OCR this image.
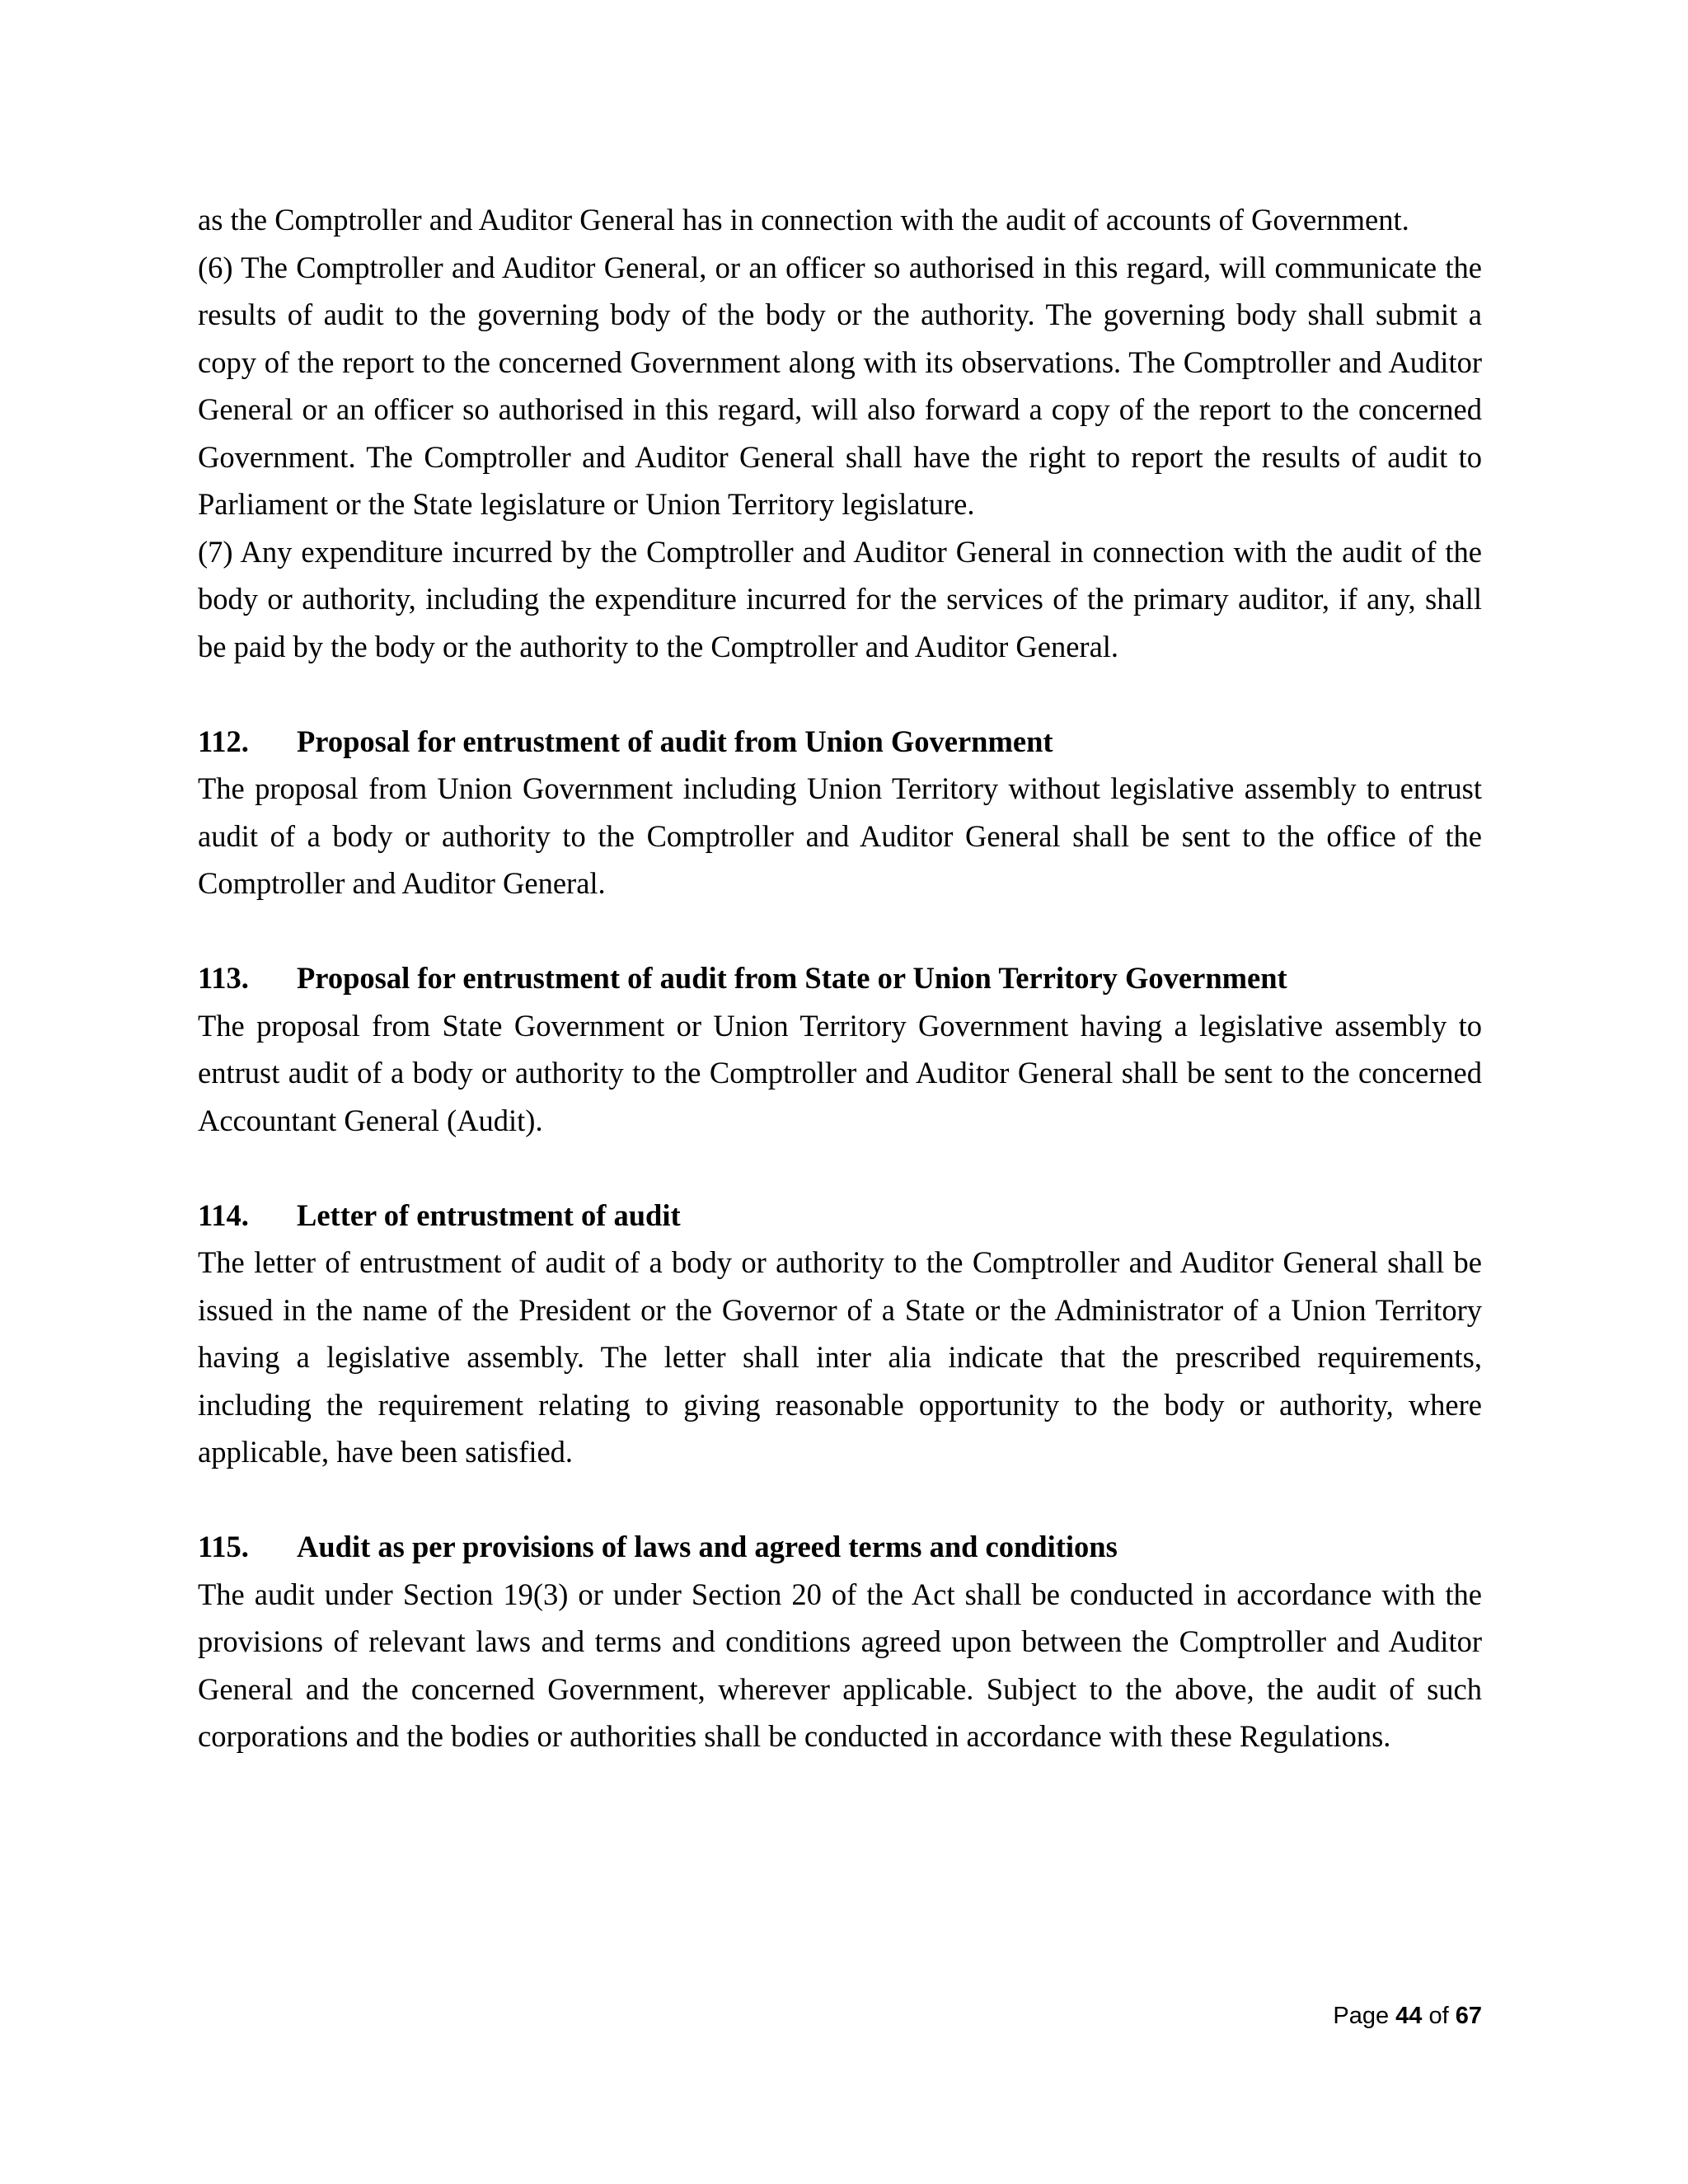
as the Comptroller and Auditor General has in connection with the audit of accounts of Government.

(6) The Comptroller and Auditor General, or an officer so authorised in this regard, will communicate the results of audit to the governing body of the body or the authority. The governing body shall submit a copy of the report to the concerned Government along with its observations. The Comptroller and Auditor General or an officer so authorised in this regard, will also forward a copy of the report to the concerned Government. The Comptroller and Auditor General shall have the right to report the results of audit to Parliament or the State legislature or Union Territory legislature.

(7) Any expenditure incurred by the Comptroller and Auditor General in connection with the audit of the body or authority, including the expenditure incurred for the services of the primary auditor, if any, shall be paid by the body or the authority to the Comptroller and Auditor General.

112.	Proposal for entrustment of audit from Union Government

The proposal from Union Government including Union Territory without legislative assembly to entrust audit of a body or authority to the Comptroller and Auditor General shall be sent to the office of the Comptroller and Auditor General.

113.	Proposal for entrustment of audit from State or Union Territory Government

The proposal from State Government or Union Territory Government having a legislative assembly to entrust audit of a body or authority to the Comptroller and Auditor General shall be sent to the concerned Accountant General (Audit).

114.	Letter of entrustment of audit

The letter of entrustment of audit of a body or authority to the Comptroller and Auditor General shall be issued in the name of the President or the Governor of a State or the Administrator of a Union Territory having a legislative assembly. The letter shall inter alia indicate that the prescribed requirements, including the requirement relating to giving reasonable opportunity to the body or authority, where applicable, have been satisfied.

115.	Audit as per provisions of laws and agreed terms and conditions

The audit under Section 19(3) or under Section 20 of the Act shall be conducted in accordance with the provisions of relevant laws and terms and conditions agreed upon between the Comptroller and Auditor General and the concerned Government, wherever applicable. Subject to the above, the audit of such corporations and the bodies or authorities shall be conducted in accordance with these Regulations.

Page 44 of 67
